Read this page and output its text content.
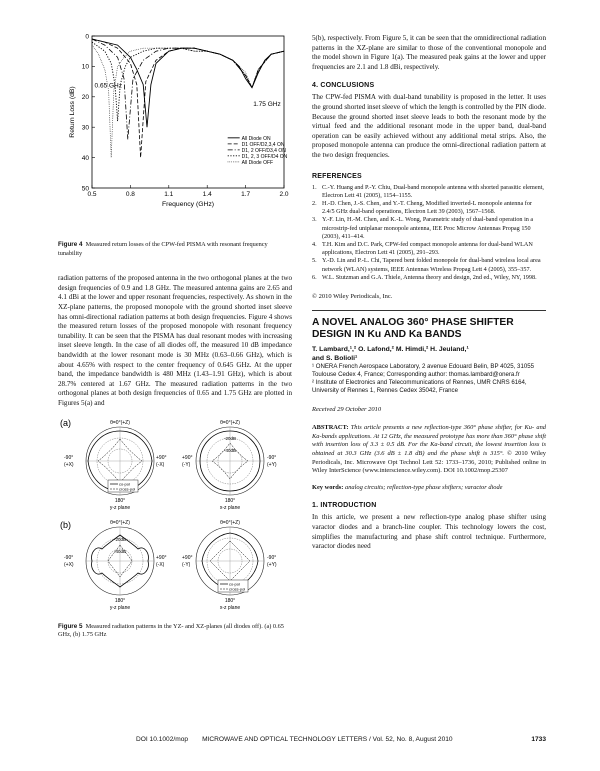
0.5	0.8	1.1	1.4	1.7	2.0
0
10
20
30
40
50
Frequency (GHz)
Return Loss (dB)
0.65 GHz
1.75 GHz
All Diode ON
D1 OFF/D2,3,4 ON
D1, 2 OFF/D3,4 ON
D1, 2, 3 OFF/D4 ON
All Diode OFF

Figure 4 Measured return losses of the CPW-fed PISMA with resonant frequency tunability

radiation patterns of the proposed antenna in the two orthogonal planes at the two design frequencies of 0.9 and 1.8 GHz. The measured antenna gains are 2.65 and 4.1 dBi at the lower and upper resonant frequencies, respectively. As shown in the XZ-plane patterns, the proposed monopole with the ground shorted inset sleeve has omni-directional radiation patterns at both design frequencies. Figure 4 shows the measured return losses of the proposed monopole with resonant frequency tunability. It can be seen that the PISMA has dual resonant modes with increasing inset sleeve length. In the case of all diodes off, the measured 10 dB impedance bandwidth at the lower resonant mode is 30 MHz (0.63–0.66 GHz), which is about 4.65% with respect to the center frequency of 0.645 GHz. At the upper band, the impedance bandwidth is 480 MHz (1.43–1.91 GHz), which is about 28.7% centered at 1.67 GHz. The measured radiation patterns in the two orthogonal planes at both design frequencies of 0.65 and 1.75 GHz are plotted in Figures 5(a) and

(a)	θ=0°(+Z)
-90°
(+X)
+90°
(-X)
co-pol
cross-pol
180°
y-z plane
θ=0°(+Z)
-20dB
-40dB
+90°
(-Y)
-90°
(+Y)
180°
x-z plane
(b)	θ=0°(+Z)
-20dB
-40dB
-90°
(+X)
+90°
(-X)
180°
y-z plane
θ=0°(+Z)
+90°
(-Y)
-90°
(+Y)
co-pol
cross-pol
180°
x-z plane

Figure 5 Measured radiation patterns in the YZ- and XZ-planes (all diodes off). (a) 0.65 GHz, (b) 1.75 GHz

5(b), respectively. From Figure 5, it can be seen that the omnidirectional radiation patterns in the XZ-plane are similar to those of the conventional monopole and the model shown in Figure 1(a). The measured peak gains at the lower and upper frequencies are 2.1 and 1.8 dBi, respectively.

4. CONCLUSIONS

The CPW-fed PISMA with dual-band tunability is proposed in the letter. It uses the ground shorted inset sleeve of which the length is controlled by the PIN diode. Because the ground shorted inset sleeve leads to both the resonant mode by the virtual feed and the additional resonant mode in the upper band, dual-band operation can be easily achieved without any additional metal strips. Also, the proposed monopole antenna can produce the omni-directional radiation pattern at the two design frequencies.

REFERENCES
1. C.-Y. Huang and P.-Y. Chiu, Dual-band monopole antenna with shorted parasitic element, Electron Lett 41 (2005), 1154–1155.
2. H.-D. Chen, J.-S. Chen, and Y.-T. Cheng, Modified inverted-L monopole antenna for 2.4/5 GHz dual-band operations, Electron Lett 39 (2003), 1567–1568.
3. Y.-F. Lin, H.-M. Chen, and K.-L. Wong, Parametric study of dual-band operation in a microstrip-fed uniplanar monopole antenna, IEE Proc Microw Antennas Propag 150 (2003), 411–414.
4. T.H. Kim and D.C. Park, CPW-fed compact monopole antenna for dual-band WLAN applications, Electron Lett 41 (2005), 291–293.
5. Y.-D. Lin and P.-L. Chi, Tapered bent folded monopole for dual-band wireless local area network (WLAN) systems, IEEE Antennas Wireless Propag Lett 4 (2005), 355–357.
6. W.L. Stutzman and G.A. Thiele, Antenna theory and design, 2nd ed., Wiley, NY, 1998.

© 2010 Wiley Periodicals, Inc.

A NOVEL ANALOG 360° PHASE SHIFTER DESIGN IN Ku AND Ka BANDS

T. Lambard,¹,² O. Lafond,² M. Himdi,² H. Jeuland,¹

and S. Bolioli¹

¹ ONERA French Aerospace Laboratory, 2 avenue Edouard Belin, BP 4025, 31055 Toulouse Cedex 4, France; Corresponding author: thomas.lambard@onera.fr

² Institute of Electronics and Telecommunications of Rennes, UMR CNRS 6164, University of Rennes 1, Rennes Cedex 35042, France

Received 29 October 2010

ABSTRACT: This article presents a new reflection-type 360° phase shifter, for Ku- and Ka-bands applications. At 12 GHz, the measured prototype has more than 360° phase shift with insertion loss of 3.3 ± 0.5 dB. For the Ka-band circuit, the lowest insertion loss is obtained at 30.3 GHz (3.6 dB ± 1.8 dB) and the phase shift is 315°. © 2010 Wiley Periodicals, Inc. Microwave Opt Technol Lett 52: 1733–1736, 2010; Published online in Wiley InterScience (www.interscience.wiley.com). DOI 10.1002/mop.25307

Key words: analog circuits; reflection-type phase shifters; varactor diode

1. INTRODUCTION

In this article, we present a new reflection-type analog phase shifter using varactor diodes and a branch-line coupler. This technology lowers the cost, simplifies the manufacturing and phase shift control technique. Furthermore, varactor diodes need

DOI 10.1002/mop MICROWAVE AND OPTICAL TECHNOLOGY LETTERS / Vol. 52, No. 8, August 2010	1733
